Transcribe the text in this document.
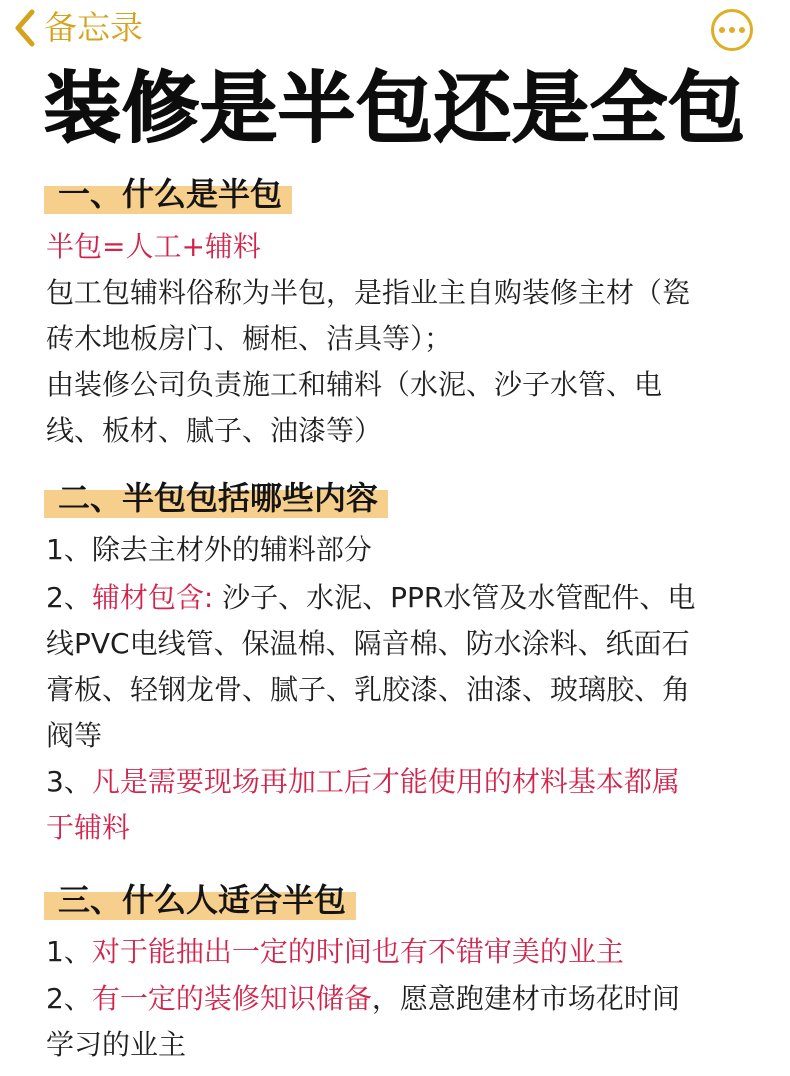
备忘录
装修是半包还是全包
一、什么是半包
半包=人工+辅料
包工包辅料俗称为半包，是指业主自购装修主材（瓷
砖木地板房门、橱柜、洁具等）；
由装修公司负责施工和辅料（水泥、沙子水管、电
线、板材、腻子、油漆等）
二、半包包括哪些内容
1、除去主材外的辅料部分
2、辅材包含: 沙子、水泥、PPR水管及水管配件、电
线PVC电线管、保温棉、隔音棉、防水涂料、纸面石
膏板、轻钢龙骨、腻子、乳胶漆、油漆、玻璃胶、角
阀等
3、凡是需要现场再加工后才能使用的材料基本都属
于辅料
三、什么人适合半包
1、对于能抽出一定的时间也有不错审美的业主
2、有一定的装修知识储备，愿意跑建材市场花时间
学习的业主
